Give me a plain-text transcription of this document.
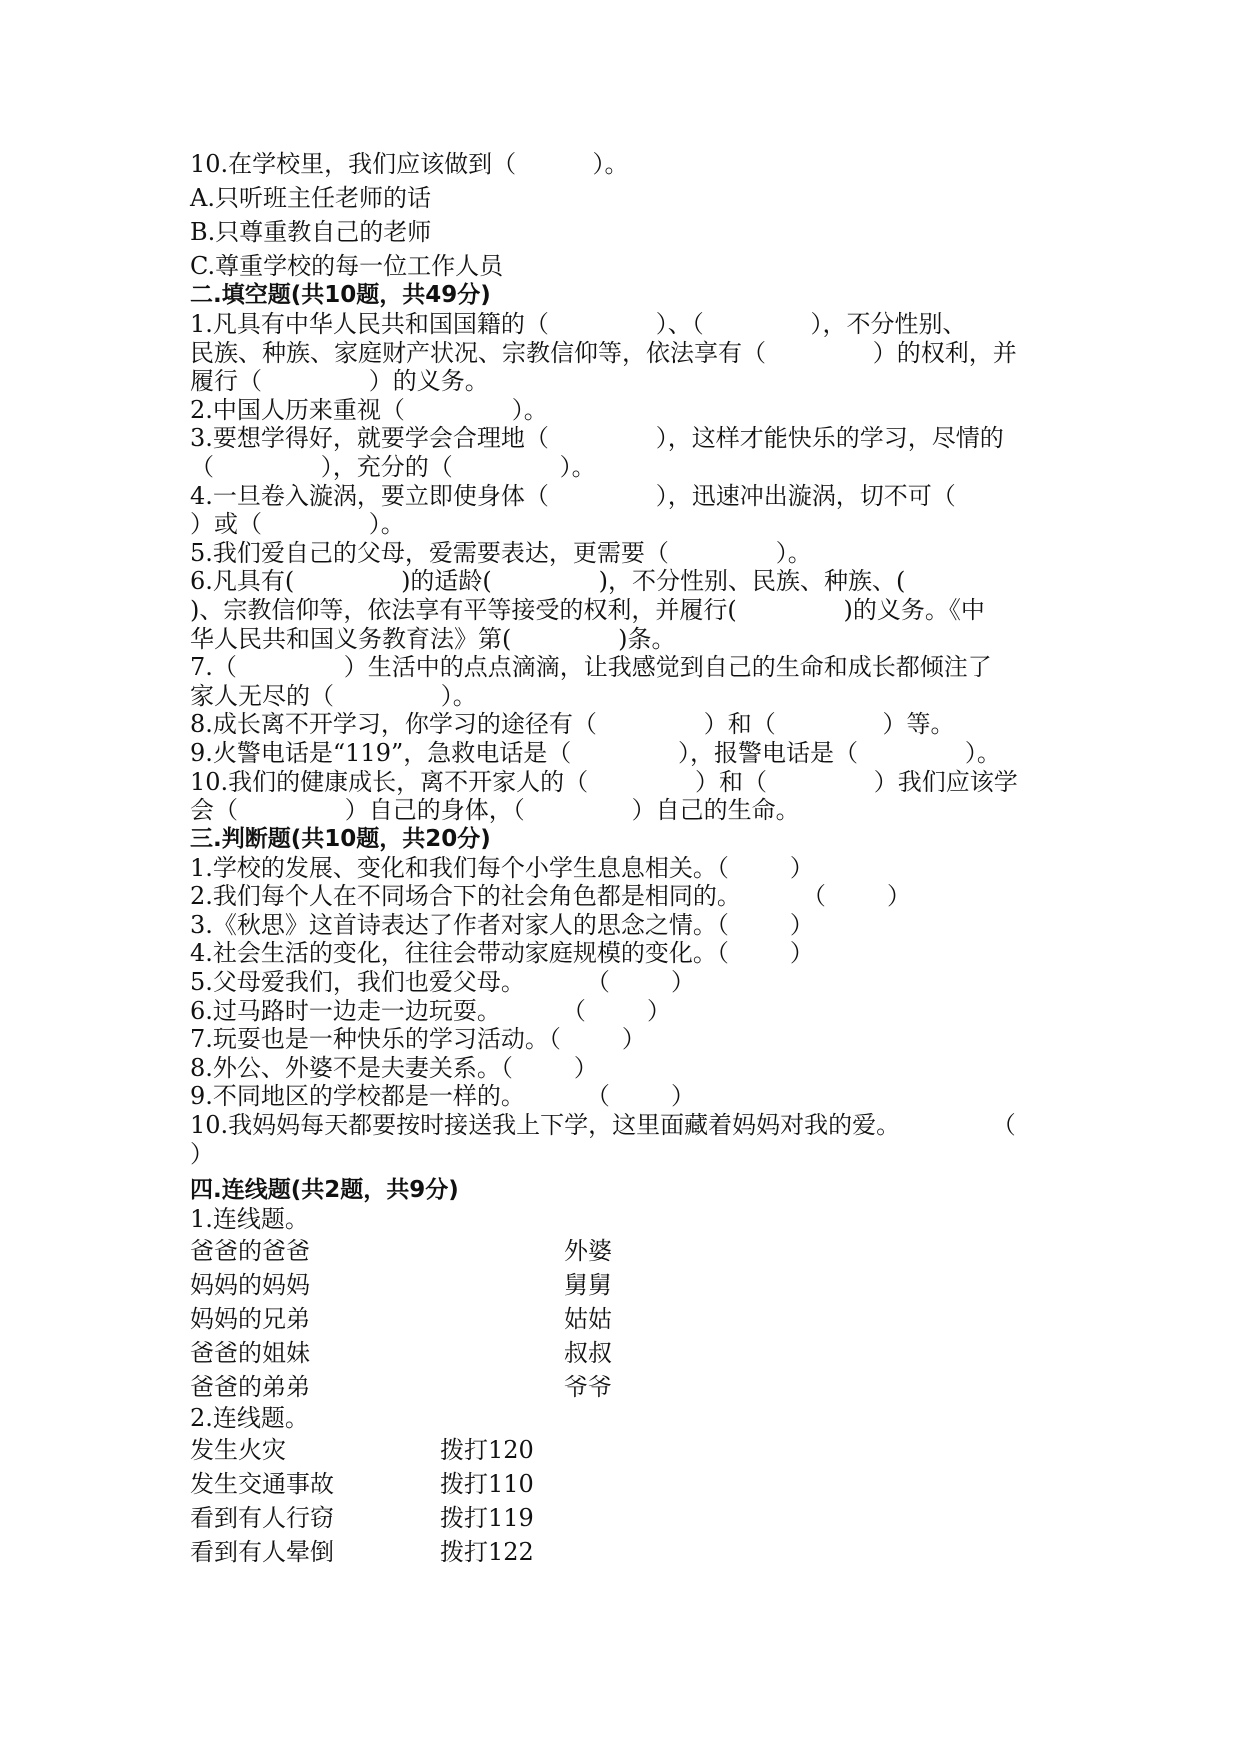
10.在学校里，我们应该做到（          ）。
A.只听班主任老师的话
B.只尊重教自己的老师
C.尊重学校的每一位工作人员
二.填空题(共10题，共49分)
1.凡具有中华人民共和国国籍的（              ）、（              ），不分性别、
民族、种族、家庭财产状况、宗教信仰等，依法享有（              ）的权利，并
履行（              ）的义务。
2.中国人历来重视（              ）。
3.要想学得好，就要学会合理地（              ），这样才能快乐的学习，尽情的
（              ），充分的（              ）。
4.一旦卷入漩涡，要立即使身体（              ），迅速冲出漩涡，切不可（
）或（              ）。
5.我们爱自己的父母，爱需要表达，更需要（              ）。
6.凡具有(              )的适龄(              )，不分性别、民族、种族、(
)、宗教信仰等，依法享有平等接受的权利，并履行(              )的义务。《中
华人民共和国义务教育法》第(              )条。
7.（              ）生活中的点点滴滴，让我感觉到自己的生命和成长都倾注了
家人无尽的（              ）。
8.成长离不开学习，你学习的途径有（              ）和（              ）等。
9.火警电话是“119”，急救电话是（              ），报警电话是（              ）。
10.我们的健康成长，离不开家人的（              ）和（              ）我们应该学
会（              ）自己的身体，（              ）自己的生命。
三.判断题(共10题，共20分)
1.学校的发展、变化和我们每个小学生息息相关。（        ）
2.我们每个人在不同场合下的社会角色都是相同的。        （        ）
3.《秋思》这首诗表达了作者对家人的思念之情。（        ）
4.社会生活的变化，往往会带动家庭规模的变化。（        ）
5.父母爱我们，我们也爱父母。        （        ）
6.过马路时一边走一边玩耍。        （        ）
7.玩耍也是一种快乐的学习活动。（        ）
8.外公、外婆不是夫妻关系。（        ）
9.不同地区的学校都是一样的。        （        ）
10.我妈妈每天都要按时接送我上下学，这里面藏着妈妈对我的爱。            （
）
四.连线题(共2题，共9分)
1.连线题。
爸爸的爸爸	外婆
妈妈的妈妈	舅舅
妈妈的兄弟	姑姑
爸爸的姐妹	叔叔
爸爸的弟弟	爷爷
2.连线题。
发生火灾	拨打120
发生交通事故	拨打110
看到有人行窃	拨打119
看到有人晕倒	拨打122
